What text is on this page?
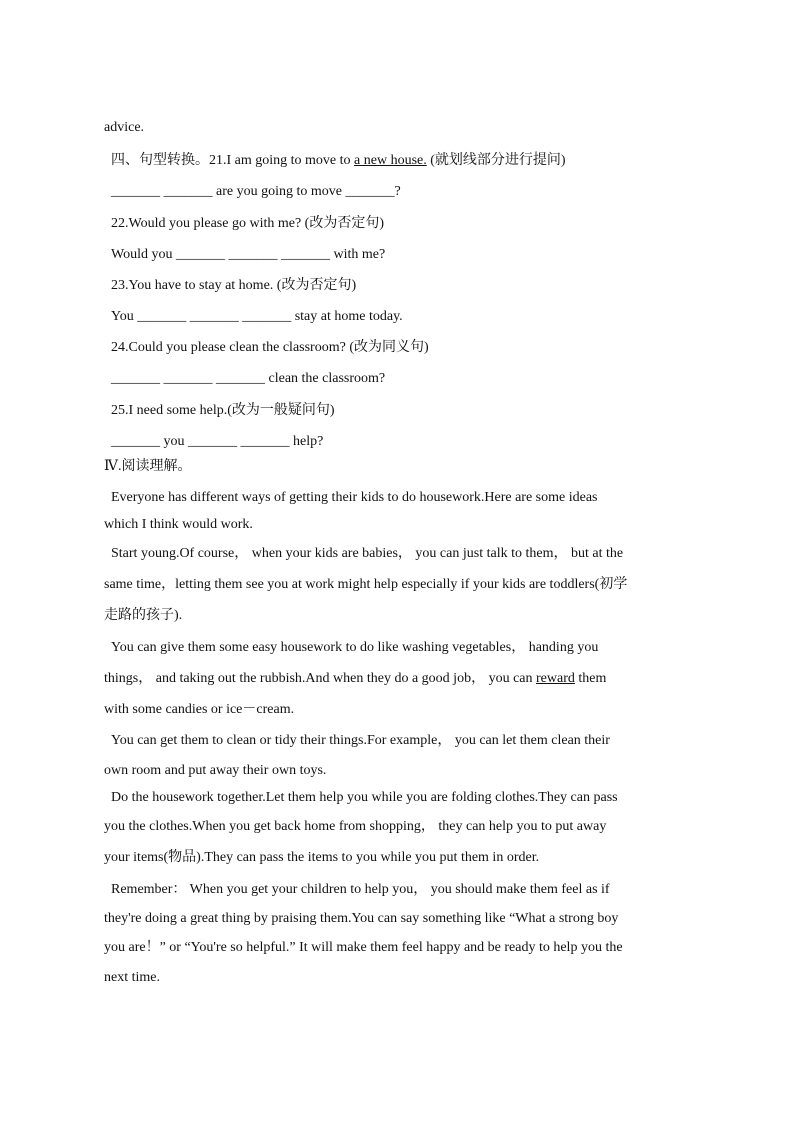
advice.
四、句型转换。21.I am going to move to a new house. (就划线部分进行提问)
_______ _______ are you going to move _______?
22.Would you please go with me? (改为否定句)
Would you _______ _______ _______ with me?
23.You have to stay at home. (改为否定句)
You _______ _______ _______ stay at home today.
24.Could you please clean the classroom? (改为同义句)
_______ _______ _______ clean the classroom?
25.I need some help.(改为一般疑问句)
_______ you _______ _______ help?
Ⅳ.阅读理解。
Everyone has different ways of getting their kids to do housework.Here are some ideas
which I think would work.
Start young.Of course， when your kids are babies， you can just talk to them， but at the
same time，letting them see you at work might help especially if your kids are toddlers(初学
走路的孩子).
You can give them some easy housework to do like washing vegetables， handing you
things， and taking out the rubbish.And when they do a good job， you can reward them
with some candies or ice－cream.
You can get them to clean or tidy their things.For example， you can let them clean their
own room and put away their own toys.
Do the housework together.Let them help you while you are folding clothes.They can pass
you the clothes.When you get back home from shopping， they can help you to put away
your items(物品).They can pass the items to you while you put them in order.
Remember： When you get your children to help you， you should make them feel as if
they're doing a great thing by praising them.You can say something like “What a strong boy
you are！” or “You're so helpful.” It will make them feel happy and be ready to help you the
next time.
